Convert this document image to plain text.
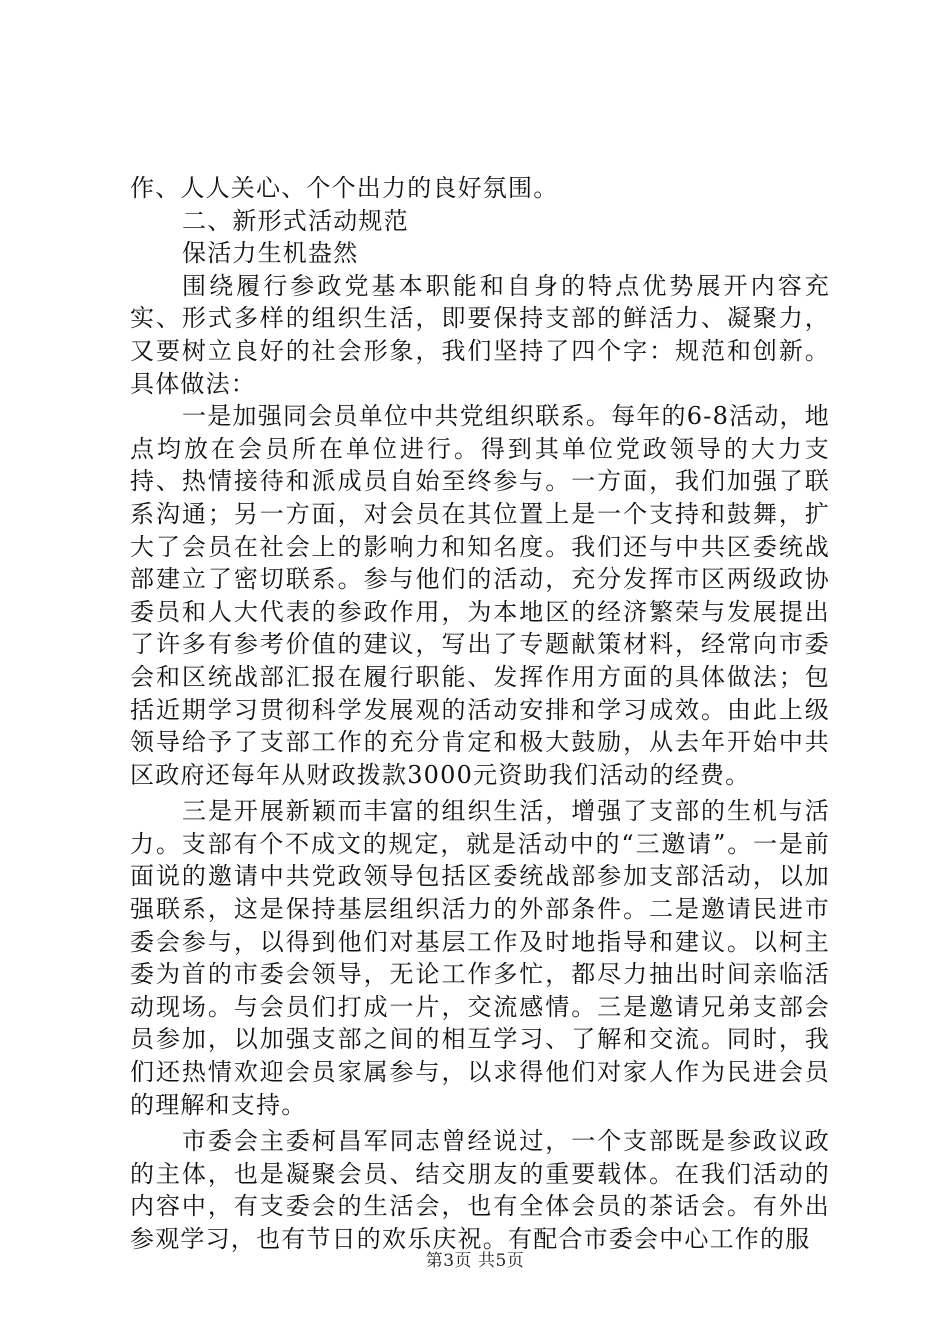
作、人人关心、个个出力的良好氛围。

二、新形式活动规范

保活力生机盎然

围绕履行参政党基本职能和自身的特点优势展开内容充实、形式多样的组织生活，即要保持支部的鲜活力、凝聚力，又要树立良好的社会形象，我们坚持了四个字：规范和创新。具体做法：

一是加强同会员单位中共党组织联系。每年的6-8活动，地点均放在会员所在单位进行。得到其单位党政领导的大力支持、热情接待和派成员自始至终参与。一方面，我们加强了联系沟通；另一方面，对会员在其位置上是一个支持和鼓舞，扩大了会员在社会上的影响力和知名度。我们还与中共区委统战部建立了密切联系。参与他们的活动，充分发挥市区两级政协委员和人大代表的参政作用，为本地区的经济繁荣与发展提出了许多有参考价值的建议，写出了专题献策材料，经常向市委会和区统战部汇报在履行职能、发挥作用方面的具体做法；包括近期学习贯彻科学发展观的活动安排和学习成效。由此上级领导给予了支部工作的充分肯定和极大鼓励，从去年开始中共区政府还每年从财政拨款3000元资助我们活动的经费。

三是开展新颖而丰富的组织生活，增强了支部的生机与活力。支部有个不成文的规定，就是活动中的“三邀请”。一是前面说的邀请中共党政领导包括区委统战部参加支部活动，以加强联系，这是保持基层组织活力的外部条件。二是邀请民进市委会参与，以得到他们对基层工作及时地指导和建议。以柯主委为首的市委会领导，无论工作多忙，都尽力抽出时间亲临活动现场。与会员们打成一片，交流感情。三是邀请兄弟支部会员参加，以加强支部之间的相互学习、了解和交流。同时，我们还热情欢迎会员家属参与，以求得他们对家人作为民进会员的理解和支持。

市委会主委柯昌军同志曾经说过，一个支部既是参政议政的主体，也是凝聚会员、结交朋友的重要载体。在我们活动的内容中，有支委会的生活会，也有全体会员的茶话会。有外出参观学习，也有节日的欢乐庆祝。有配合市委会中心工作的服

第3页 共5页
